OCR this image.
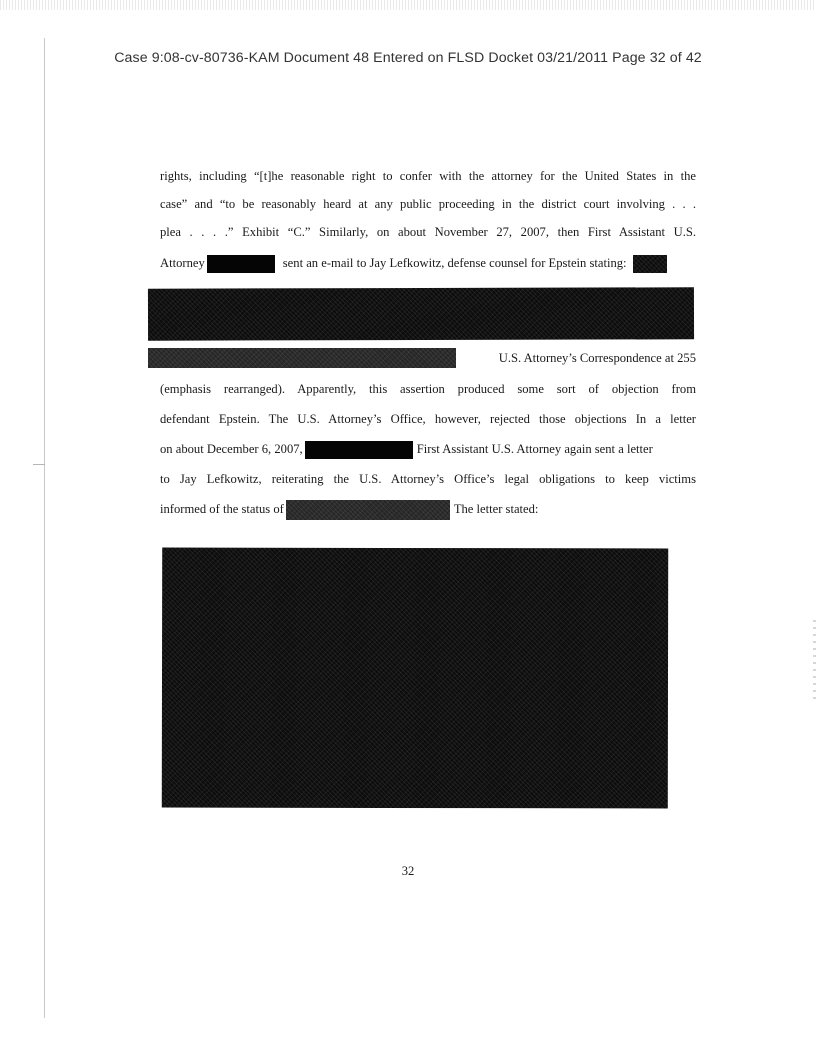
Case 9:08-cv-80736-KAM Document 48 Entered on FLSD Docket 03/21/2011 Page 32 of 42
rights, including “[t]he reasonable right to confer with the attorney for the United States in the
case” and “to be reasonably heard at any public proceeding in the district court involving . . .
plea . . . .” Exhibit “C.” Similarly, on about November 27, 2007, then First Assistant U.S.
Attorney	sent an e-mail to Jay Lefkowitz, defense counsel for Epstein stating:
U.S. Attorney’s Correspondence at 255
(emphasis rearranged). Apparently, this assertion produced some sort of objection from
defendant Epstein. The U.S. Attorney’s Office, however, rejected those objections In a letter
on about December 6, 2007,	First Assistant U.S. Attorney again sent a letter
to Jay Lefkowitz, reiterating the U.S. Attorney’s Office’s legal obligations to keep victims
informed of the status of	The letter stated:
32
